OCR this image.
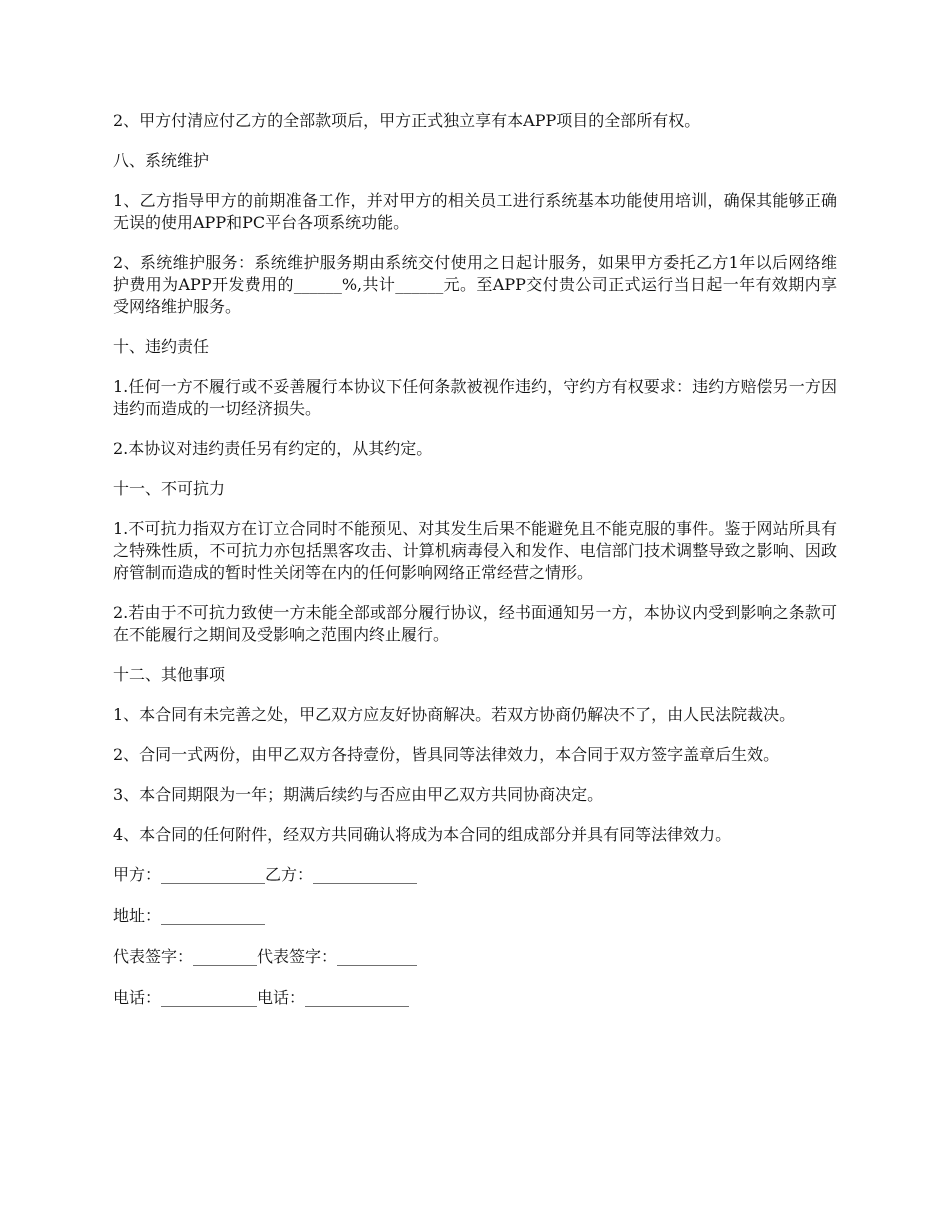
2、甲方付清应付乙方的全部款项后，甲方正式独立享有本APP项目的全部所有权。

八、系统维护

1、乙方指导甲方的前期准备工作，并对甲方的相关员工进行系统基本功能使用培训，确保其能够正确无误的使用APP和PC平台各项系统功能。

2、系统维护服务：系统维护服务期由系统交付使用之日起计服务，如果甲方委托乙方1年以后网络维护费用为APP开发费用的______%,共计______元。至APP交付贵公司正式运行当日起一年有效期内享受网络维护服务。

十、违约责任

1.任何一方不履行或不妥善履行本协议下任何条款被视作违约，守约方有权要求：违约方赔偿另一方因违约而造成的一切经济损失。

2.本协议对违约责任另有约定的，从其约定。

十一、不可抗力

1.不可抗力指双方在订立合同时不能预见、对其发生后果不能避免且不能克服的事件。鉴于网站所具有之特殊性质，不可抗力亦包括黑客攻击、计算机病毒侵入和发作、电信部门技术调整导致之影响、因政府管制而造成的暂时性关闭等在内的任何影响网络正常经营之情形。

2.若由于不可抗力致使一方未能全部或部分履行协议，经书面通知另一方，本协议内受到影响之条款可在不能履行之期间及受影响之范围内终止履行。

十二、其他事项

1、本合同有未完善之处，甲乙双方应友好协商解决。若双方协商仍解决不了，由人民法院裁决。

2、合同一式两份，由甲乙双方各持壹份，皆具同等法律效力，本合同于双方签字盖章后生效。

3、本合同期限为一年；期满后续约与否应由甲乙双方共同协商决定。

4、本合同的任何附件，经双方共同确认将成为本合同的组成部分并具有同等法律效力。

甲方：_____________乙方：_____________

地址：_____________

代表签字：________代表签字：__________

电话：____________电话：_____________
